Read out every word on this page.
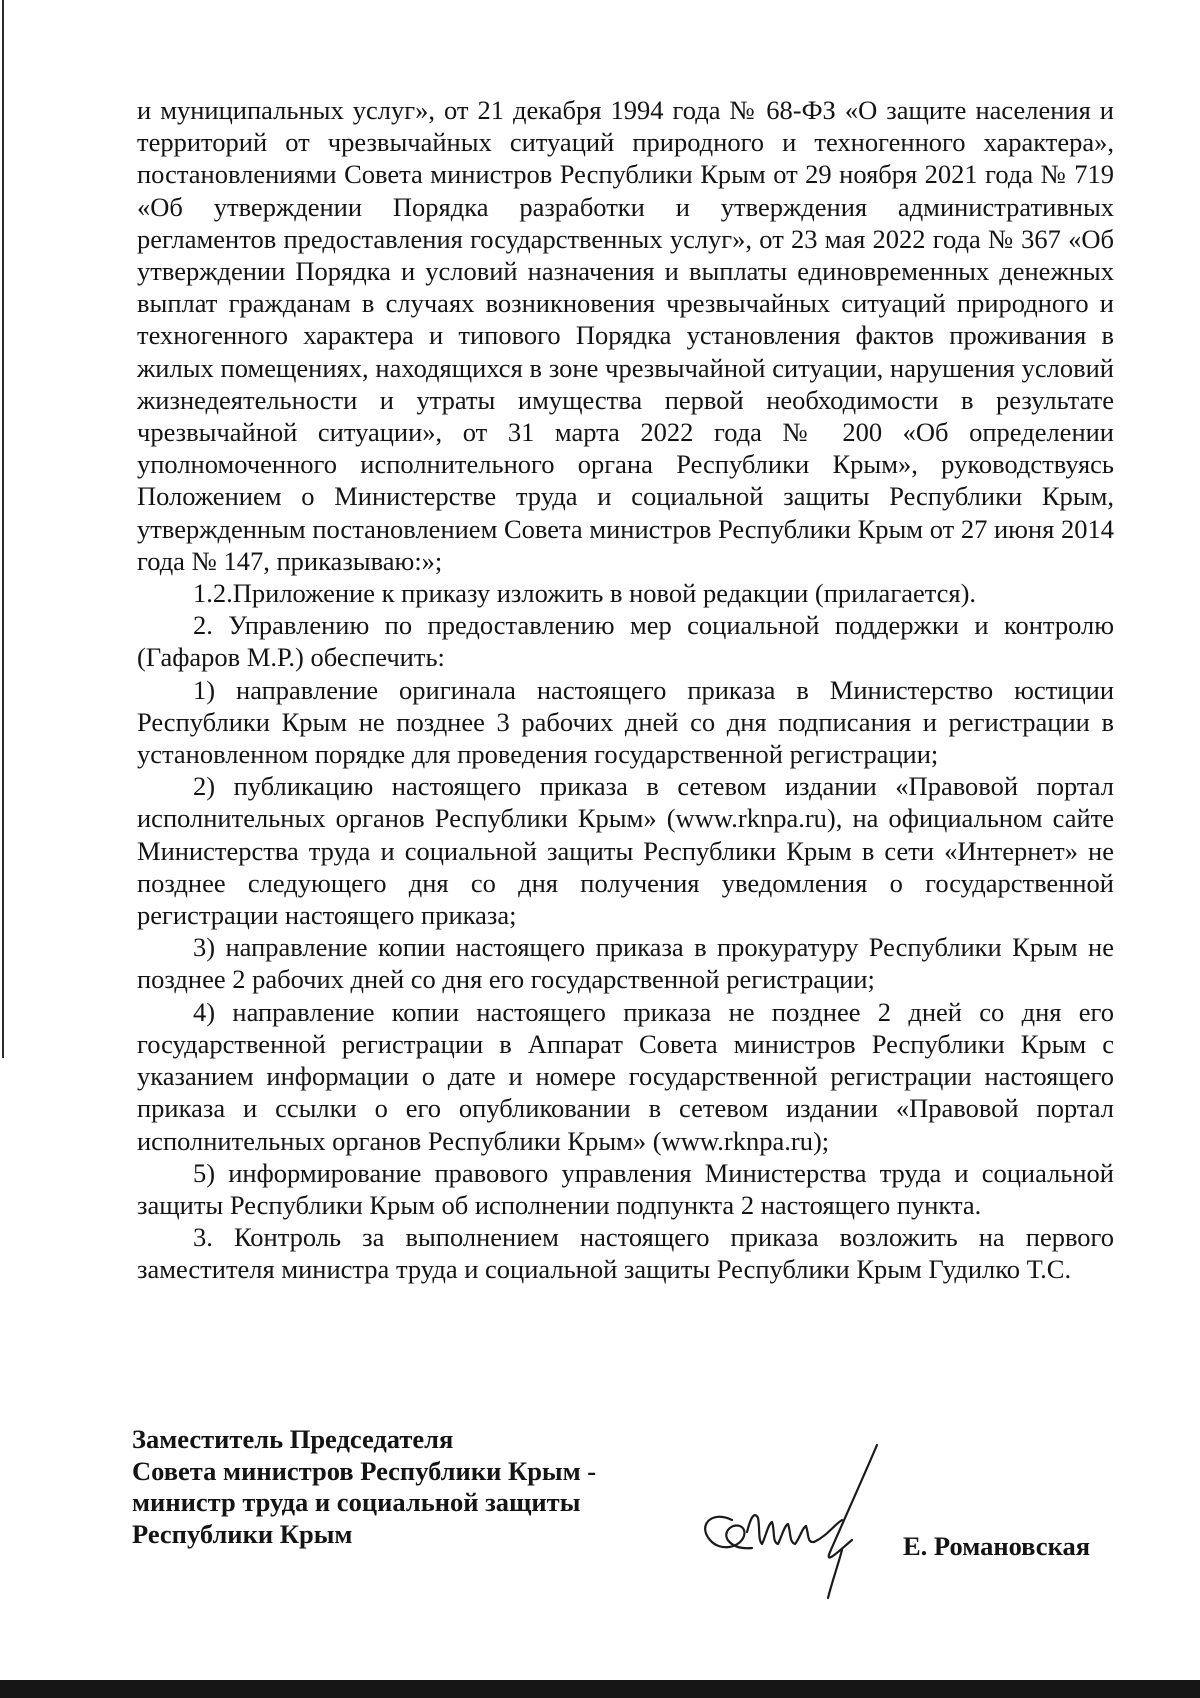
и муниципальных услуг», от 21 декабря 1994 года № 68-ФЗ «О защите населения и территорий от чрезвычайных ситуаций природного и техногенного характера», постановлениями Совета министров Республики Крым от 29 ноября 2021 года № 719 «Об утверждении Порядка разработки и утверждения административных регламентов предоставления государственных услуг», от 23 мая 2022 года № 367 «Об утверждении Порядка и условий назначения и выплаты единовременных денежных выплат гражданам в случаях возникновения чрезвычайных ситуаций природного и техногенного характера и типового Порядка установления фактов проживания в жилых помещениях, находящихся в зоне чрезвычайной ситуации, нарушения условий жизнедеятельности и утраты имущества первой необходимости в результате чрезвычайной ситуации», от 31 марта 2022 года № 200 «Об определении уполномоченного исполнительного органа Республики Крым», руководствуясь Положением о Министерстве труда и социальной защиты Республики Крым, утвержденным постановлением Совета министров Республики Крым от 27 июня 2014 года № 147, приказываю:»;

1.2.Приложение к приказу изложить в новой редакции (прилагается).

2. Управлению по предоставлению мер социальной поддержки и контролю (Гафаров М.Р.) обеспечить:

1) направление оригинала настоящего приказа в Министерство юстиции Республики Крым не позднее 3 рабочих дней со дня подписания и регистрации в установленном порядке для проведения государственной регистрации;

2) публикацию настоящего приказа в сетевом издании «Правовой портал исполнительных органов Республики Крым» (www.rknpa.ru), на официальном сайте Министерства труда и социальной защиты Республики Крым в сети «Интернет» не позднее следующего дня со дня получения уведомления о государственной регистрации настоящего приказа;

3) направление копии настоящего приказа в прокуратуру Республики Крым не позднее 2 рабочих дней со дня его государственной регистрации;

4) направление копии настоящего приказа не позднее 2 дней со дня его государственной регистрации в Аппарат Совета министров Республики Крым с указанием информации о дате и номере государственной регистрации настоящего приказа и ссылки о его опубликовании в сетевом издании «Правовой портал исполнительных органов Республики Крым» (www.rknpa.ru);

5) информирование правового управления Министерства труда и социальной защиты Республики Крым об исполнении подпункта 2 настоящего пункта.

3. Контроль за выполнением настоящего приказа возложить на первого заместителя министра труда и социальной защиты Республики Крым Гудилко Т.С.

Заместитель Председателя
Совета министров Республики Крым -
министр труда и социальной защиты
Республики Крым	Е. Романовская
